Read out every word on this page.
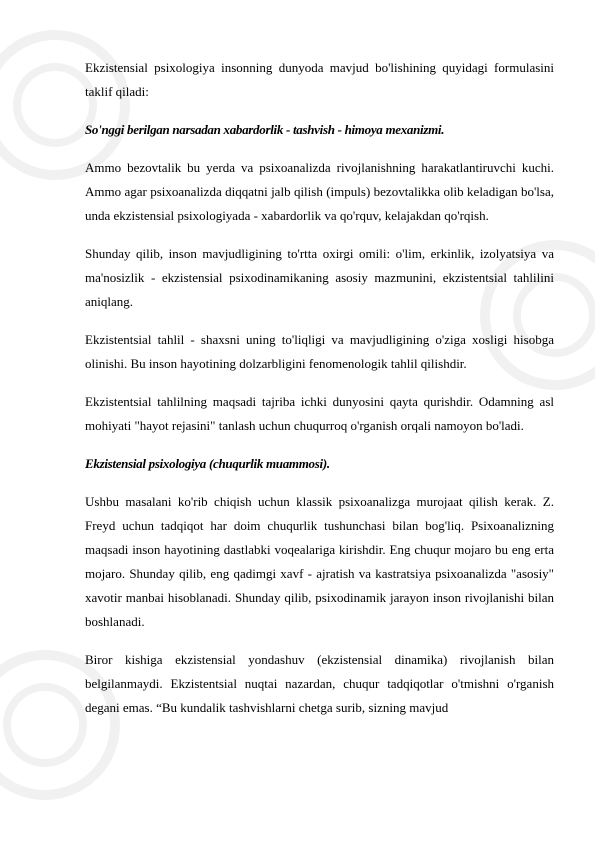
Ekzistensial psixologiya insonning dunyoda mavjud bo'lishining quyidagi formulasini taklif qiladi:

So'nggi berilgan narsadan xabardorlik - tashvish - himoya mexanizmi.

Ammo bezovtalik bu yerda va psixoanalizda rivojlanishning harakatlantiruvchi kuchi. Ammo agar psixoanalizda diqqatni jalb qilish (impuls) bezovtalikka olib keladigan bo'lsa, unda ekzistensial psixologiyada - xabardorlik va qo'rquv, kelajakdan qo'rqish.

Shunday qilib, inson mavjudligining to'rtta oxirgi omili: o'lim, erkinlik, izolyatsiya va ma'nosizlik - ekzistensial psixodinamikaning asosiy mazmunini, ekzistentsial tahlilini aniqlang.

Ekzistentsial tahlil - shaxsni uning to'liqligi va mavjudligining o'ziga xosligi hisobga olinishi. Bu inson hayotining dolzarbligini fenomenologik tahlil qilishdir.

Ekzistentsial tahlilning maqsadi tajriba ichki dunyosini qayta qurishdir. Odamning asl mohiyati "hayot rejasini" tanlash uchun chuqurroq o'rganish orqali namoyon bo'ladi.

Ekzistensial psixologiya (chuqurlik muammosi).

Ushbu masalani ko'rib chiqish uchun klassik psixoanalizga murojaat qilish kerak. Z. Freyd uchun tadqiqot har doim chuqurlik tushunchasi bilan bog'liq. Psixoanalizning maqsadi inson hayotining dastlabki voqealariga kirishdir. Eng chuqur mojaro bu eng erta mojaro. Shunday qilib, eng qadimgi xavf - ajratish va kastratsiya psixoanalizda "asosiy" xavotir manbai hisoblanadi. Shunday qilib, psixodinamik jarayon inson rivojlanishi bilan boshlanadi.

Biror kishiga ekzistensial yondashuv (ekzistensial dinamika) rivojlanish bilan belgilanmaydi. Ekzistentsial nuqtai nazardan, chuqur tadqiqotlar o'tmishni o'rganish degani emas. “Bu kundalik tashvishlarni chetga surib, sizning mavjud
